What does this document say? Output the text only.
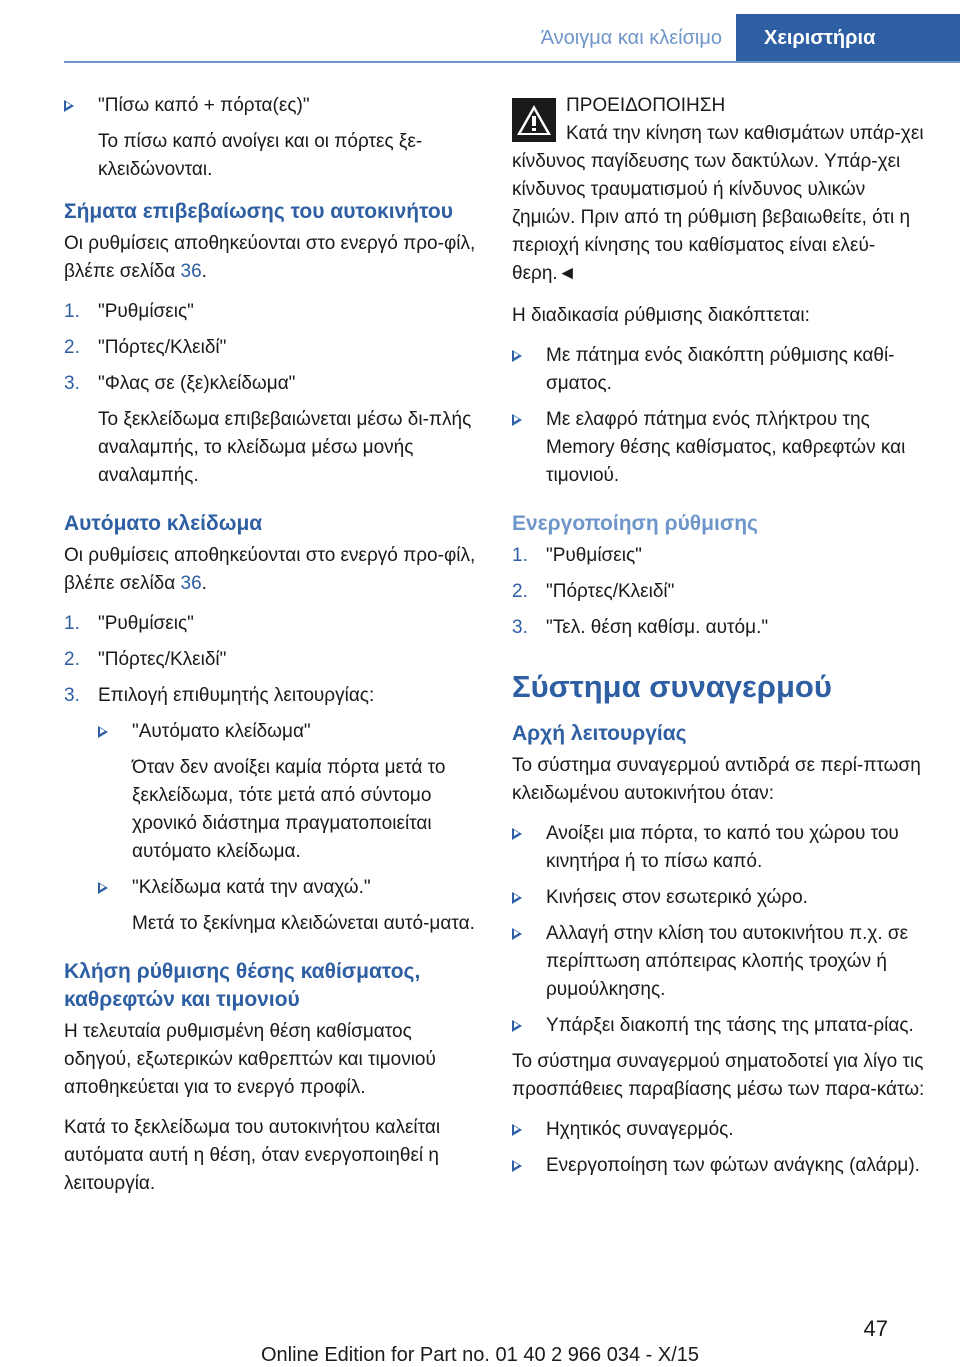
Άνοιγμα και κλείσιμο	Χειριστήρια
"Πίσω καπό + πόρτα(ες)"
Το πίσω καπό ανοίγει και οι πόρτες ξε-κλειδώνονται.
Σήματα επιβεβαίωσης του αυτοκινήτου

Οι ρυθμίσεις αποθηκεύονται στο ενεργό προ-φίλ, βλέπε σελίδα 36.

1. "Ρυθμίσεις"
2. "Πόρτες/Κλειδί"
3. "Φλας σε (ξε)κλείδωμα"
Το ξεκλείδωμα επιβεβαιώνεται μέσω δι-πλής αναλαμπής, το κλείδωμα μέσω μονής αναλαμπής.
Αυτόματο κλείδωμα

Οι ρυθμίσεις αποθηκεύονται στο ενεργό προ-φίλ, βλέπε σελίδα 36.

1. "Ρυθμίσεις"
2. "Πόρτες/Κλειδί"
3. Επιλογή επιθυμητής λειτουργίας:
"Αυτόματο κλείδωμα"
Όταν δεν ανοίξει καμία πόρτα μετά το ξεκλείδωμα, τότε μετά από σύντομο χρονικό διάστημα πραγματοποιείται αυτόματο κλείδωμα.
"Κλείδωμα κατά την αναχώ."
Μετά το ξεκίνημα κλειδώνεται αυτό-ματα.
Κλήση ρύθμισης θέσης καθίσματος, καθρεφτών και τιμονιού

Η τελευταία ρυθμισμένη θέση καθίσματος οδηγού, εξωτερικών καθρεπτών και τιμονιού αποθηκεύεται για το ενεργό προφίλ.

Κατά το ξεκλείδωμα του αυτοκινήτου καλείται αυτόματα αυτή η θέση, όταν ενεργοποιηθεί η λειτουργία.

ΠΡΟΕΙΔΟΠΟΙΗΣΗ
Κατά την κίνηση των καθισμάτων υπάρ-χει κίνδυνος παγίδευσης των δακτύλων. Υπάρ-χει κίνδυνος τραυματισμού ή κίνδυνος υλικών ζημιών. Πριν από τη ρύθμιση βεβαιωθείτε, ότι η περιοχή κίνησης του καθίσματος είναι ελεύ-θερη.◄

Η διαδικασία ρύθμισης διακόπτεται:

Με πάτημα ενός διακόπτη ρύθμισης καθί-σματος.
Με ελαφρό πάτημα ενός πλήκτρου της Memory θέσης καθίσματος, καθρεφτών και τιμονιού.
Ενεργοποίηση ρύθμισης
1. "Ρυθμίσεις"
2. "Πόρτες/Κλειδί"
3. "Τελ. θέση καθίσμ. αυτόμ."
Σύστημα συναγερμού
Αρχή λειτουργίας

Το σύστημα συναγερμού αντιδρά σε περί-πτωση κλειδωμένου αυτοκινήτου όταν:

Ανοίξει μια πόρτα, το καπό του χώρου του κινητήρα ή το πίσω καπό.
Κινήσεις στον εσωτερικό χώρο.
Αλλαγή στην κλίση του αυτοκινήτου π.χ. σε περίπτωση απόπειρας κλοπής τροχών ή ρυμούλκησης.
Υπάρξει διακοπή της τάσης της μπατα-ρίας.

Το σύστημα συναγερμού σηματοδοτεί για λίγο τις προσπάθειες παραβίασης μέσω των παρα-κάτω:

Ηχητικός συναγερμός.
Ενεργοποίηση των φώτων ανάγκης (αλάρμ).
47
Online Edition for Part no. 01 40 2 966 034 - X/15
